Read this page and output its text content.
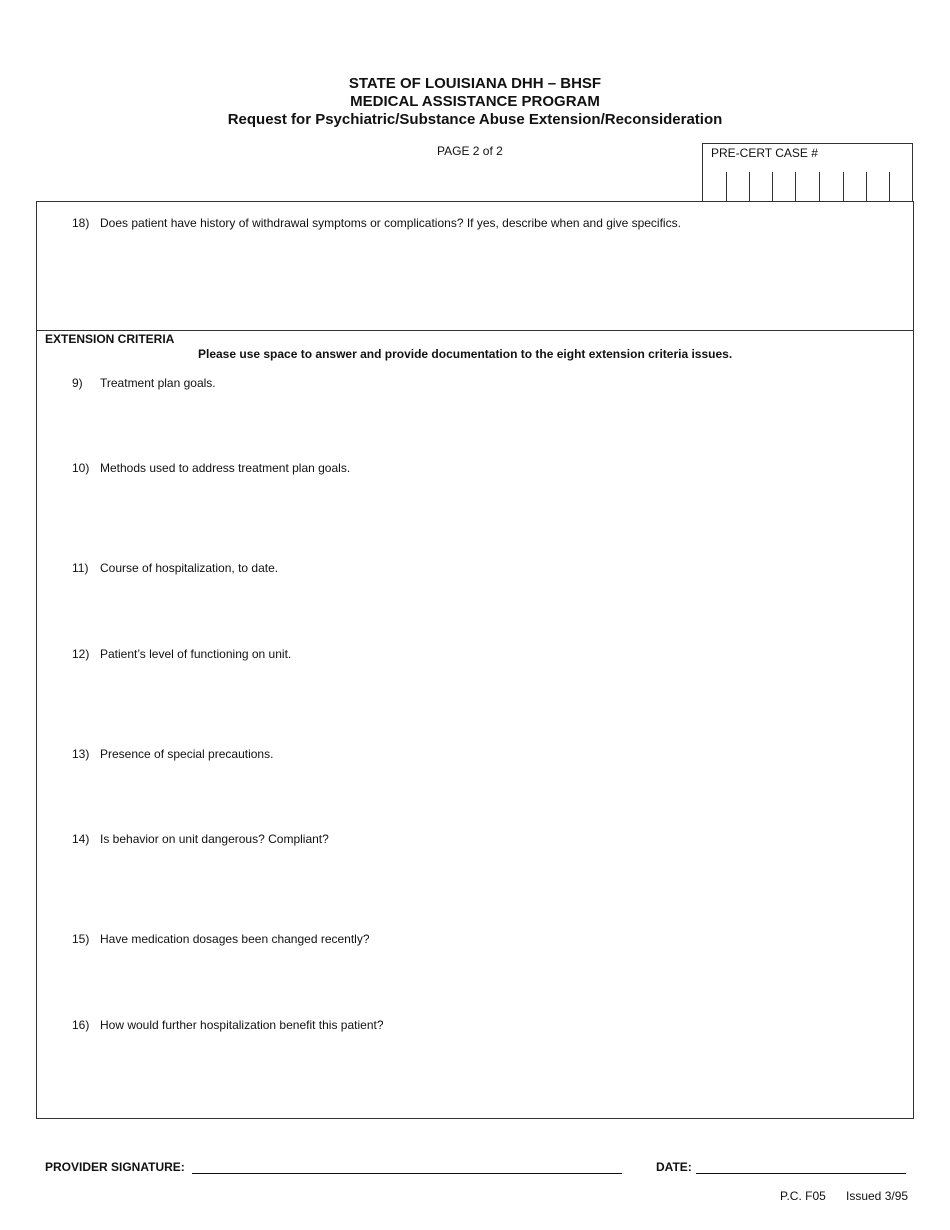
STATE OF LOUISIANA DHH – BHSF
MEDICAL ASSISTANCE PROGRAM
Request for Psychiatric/Substance Abuse Extension/Reconsideration
PAGE 2 of 2	PRE-CERT CASE #
18) Does patient have history of withdrawal symptoms or complications? If yes, describe when and give specifics.
EXTENSION CRITERIA
Please use space to answer and provide documentation to the eight extension criteria issues.
9) Treatment plan goals.
10) Methods used to address treatment plan goals.
11) Course of hospitalization, to date.
12) Patient’s level of functioning on unit.
13) Presence of special precautions.
14) Is behavior on unit dangerous? Compliant?
15) Have medication dosages been changed recently?
16) How would further hospitalization benefit this patient?
PROVIDER SIGNATURE:	DATE:
P.C. F05 Issued 3/95
